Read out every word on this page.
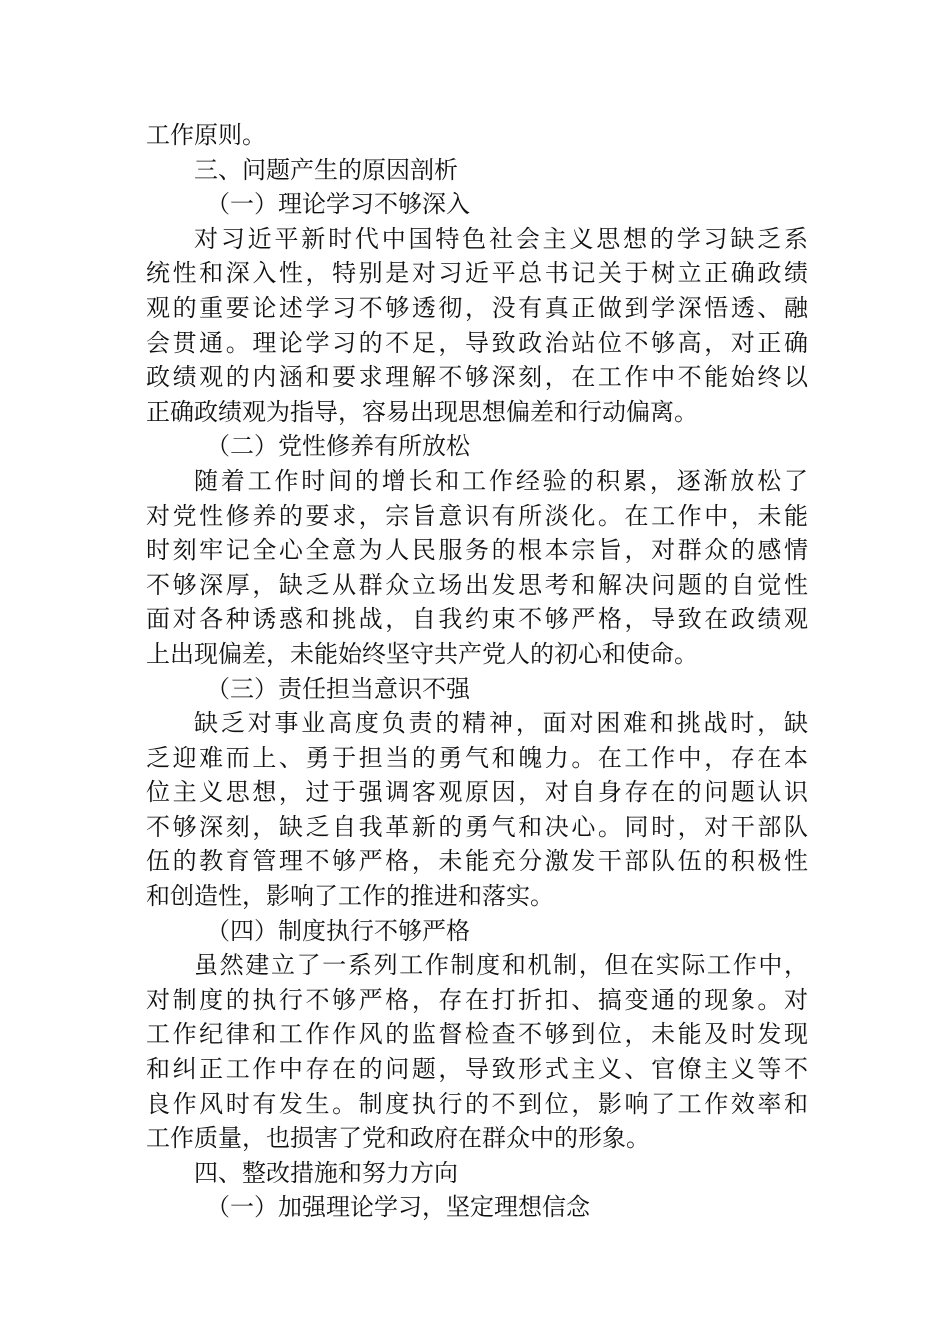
工作原则。
三、问题产生的原因剖析
（一）理论学习不够深入
对习近平新时代中国特色社会主义思想的学习缺乏系
统性和深入性，特别是对习近平总书记关于树立正确政绩
观的重要论述学习不够透彻，没有真正做到学深悟透、融
会贯通。理论学习的不足，导致政治站位不够高，对正确
政绩观的内涵和要求理解不够深刻，在工作中不能始终以
正确政绩观为指导，容易出现思想偏差和行动偏离。
（二）党性修养有所放松
随着工作时间的增长和工作经验的积累，逐渐放松了
对党性修养的要求，宗旨意识有所淡化。在工作中，未能
时刻牢记全心全意为人民服务的根本宗旨，对群众的感情
不够深厚，缺乏从群众立场出发思考和解决问题的自觉性
面对各种诱惑和挑战，自我约束不够严格，导致在政绩观
上出现偏差，未能始终坚守共产党人的初心和使命。
（三）责任担当意识不强
缺乏对事业高度负责的精神，面对困难和挑战时，缺
乏迎难而上、勇于担当的勇气和魄力。在工作中，存在本
位主义思想，过于强调客观原因，对自身存在的问题认识
不够深刻，缺乏自我革新的勇气和决心。同时，对干部队
伍的教育管理不够严格，未能充分激发干部队伍的积极性
和创造性，影响了工作的推进和落实。
（四）制度执行不够严格
虽然建立了一系列工作制度和机制，但在实际工作中，
对制度的执行不够严格，存在打折扣、搞变通的现象。对
工作纪律和工作作风的监督检查不够到位，未能及时发现
和纠正工作中存在的问题，导致形式主义、官僚主义等不
良作风时有发生。制度执行的不到位，影响了工作效率和
工作质量，也损害了党和政府在群众中的形象。
四、整改措施和努力方向
（一）加强理论学习，坚定理想信念
